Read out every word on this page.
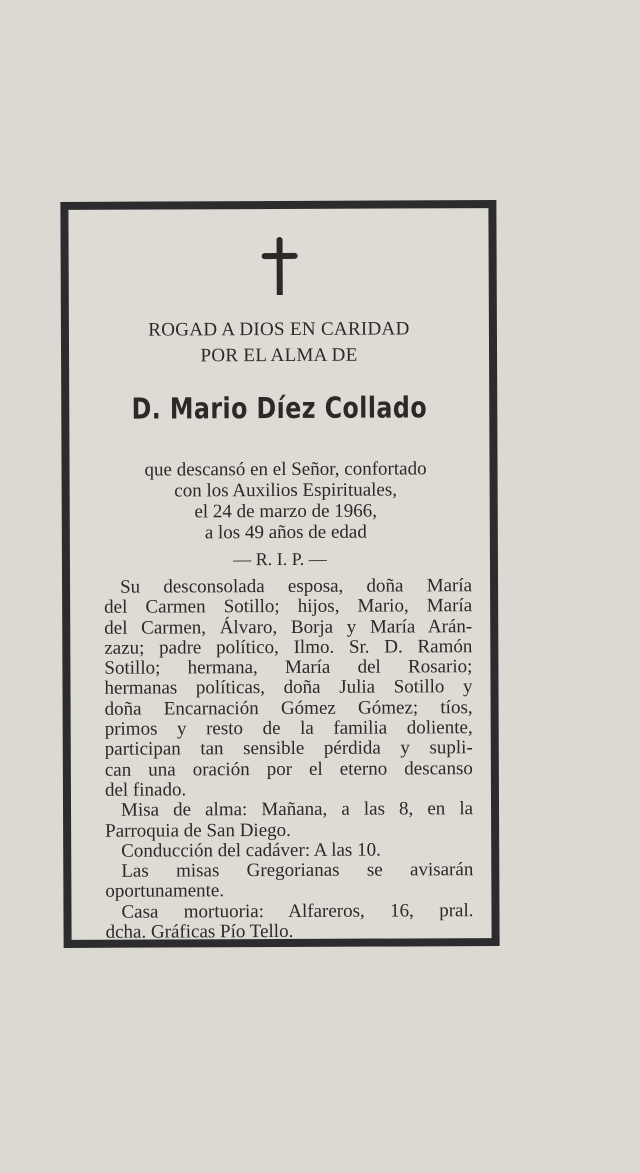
ROGAD A DIOS EN CARIDAD
POR EL ALMA DE
D. Mario Díez Collado
que descansó en el Señor, confortado
con los Auxilios Espirituales,
el 24 de marzo de 1966,
a los 49 años de edad
— R. I. P. —
Su desconsolada esposa, doña María
del Carmen Sotillo; hijos, Mario, María
del Carmen, Álvaro, Borja y María Arán-
zazu; padre político, Ilmo. Sr. D. Ramón
Sotillo; hermana, María del Rosario;
hermanas políticas, doña Julia Sotillo y
doña Encarnación Gómez Gómez; tíos,
primos y resto de la familia doliente,
participan tan sensible pérdida y supli-
can una oración por el eterno descanso
del finado.
Misa de alma: Mañana, a las 8, en la
Parroquia de San Diego.
Conducción del cadáver: A las 10.
Las misas Gregorianas se avisarán
oportunamente.
Casa mortuoria: Alfareros, 16, pral.
dcha. Gráficas Pío Tello.
